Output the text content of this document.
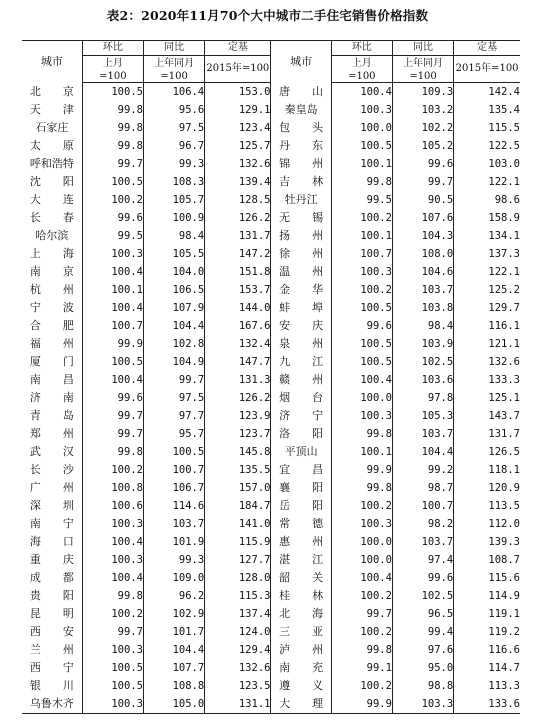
表2：2020年11月70个大中城市二手住宅销售价格指数
城市	环比	同比	定基	城市	环比	同比	定基
	上月	上年同月	2015年=100		上月	上年同月	2015年=100
	=100	=100			=100	=100	
北　　京	100.5	106.4	153.0	唐　　山	100.4	109.3	142.4
天　　津	99.8	95.6	129.1	秦皇岛	100.3	103.2	135.4
石家庄	99.8	97.5	123.4	包　　头	100.0	102.2	115.5
太　　原	99.8	96.7	125.7	丹　　东	100.5	105.2	122.5
呼和浩特	99.7	99.3	132.6	锦　　州	100.1	99.6	103.0
沈　　阳	100.5	108.3	139.4	吉　　林	99.8	99.7	122.1
大　　连	100.2	105.7	128.5	牡丹江	99.5	90.5	98.6
长　　春	99.6	100.9	126.2	无　　锡	100.2	107.6	158.9
哈尔滨	99.5	98.4	131.7	扬　　州	100.1	104.3	134.1
上　　海	100.3	105.5	147.2	徐　　州	100.7	108.0	137.3
南　　京	100.4	104.0	151.8	温　　州	100.3	104.6	122.1
杭　　州	100.1	106.5	153.7	金　　华	100.2	103.7	125.2
宁　　波	100.4	107.9	144.0	蚌　　埠	100.5	103.8	129.7
合　　肥	100.7	104.4	167.6	安　　庆	99.6	98.4	116.1
福　　州	99.9	102.8	132.4	泉　　州	100.5	103.9	121.1
厦　　门	100.5	104.9	147.7	九　　江	100.5	102.5	132.6
南　　昌	100.4	99.7	131.3	赣　　州	100.4	103.6	133.3
济　　南	99.6	97.5	126.2	烟　　台	100.0	97.8	125.1
青　　岛	99.7	97.7	123.9	济　　宁	100.3	105.3	143.7
郑　　州	99.7	95.7	123.7	洛　　阳	99.8	103.7	131.7
武　　汉	99.8	100.5	145.8	平顶山	100.1	104.4	126.5
长　　沙	100.2	100.7	135.5	宜　　昌	99.9	99.2	118.1
广　　州	100.8	106.7	157.0	襄　　阳	99.8	98.7	120.9
深　　圳	100.6	114.6	184.7	岳　　阳	100.2	100.7	113.5
南　　宁	100.3	103.7	141.0	常　　德	100.3	98.2	112.0
海　　口	100.4	101.9	115.9	惠　　州	100.0	103.7	139.3
重　　庆	100.3	99.3	127.7	湛　　江	100.0	97.4	108.7
成　　都	100.4	109.0	128.0	韶　　关	100.4	99.6	115.6
贵　　阳	99.8	96.2	115.3	桂　　林	100.2	102.5	114.9
昆　　明	100.2	102.9	137.4	北　　海	99.7	96.5	119.1
西　　安	99.7	101.7	124.0	三　　亚	100.2	99.4	119.2
兰　　州	100.3	104.4	129.4	泸　　州	99.8	97.6	116.6
西　　宁	100.5	107.7	132.6	南　　充	99.1	95.0	114.7
银　　川	100.5	108.8	123.5	遵　　义	100.2	98.8	113.3
乌鲁木齐	100.3	105.0	131.1	大　　理	99.9	103.3	133.6
